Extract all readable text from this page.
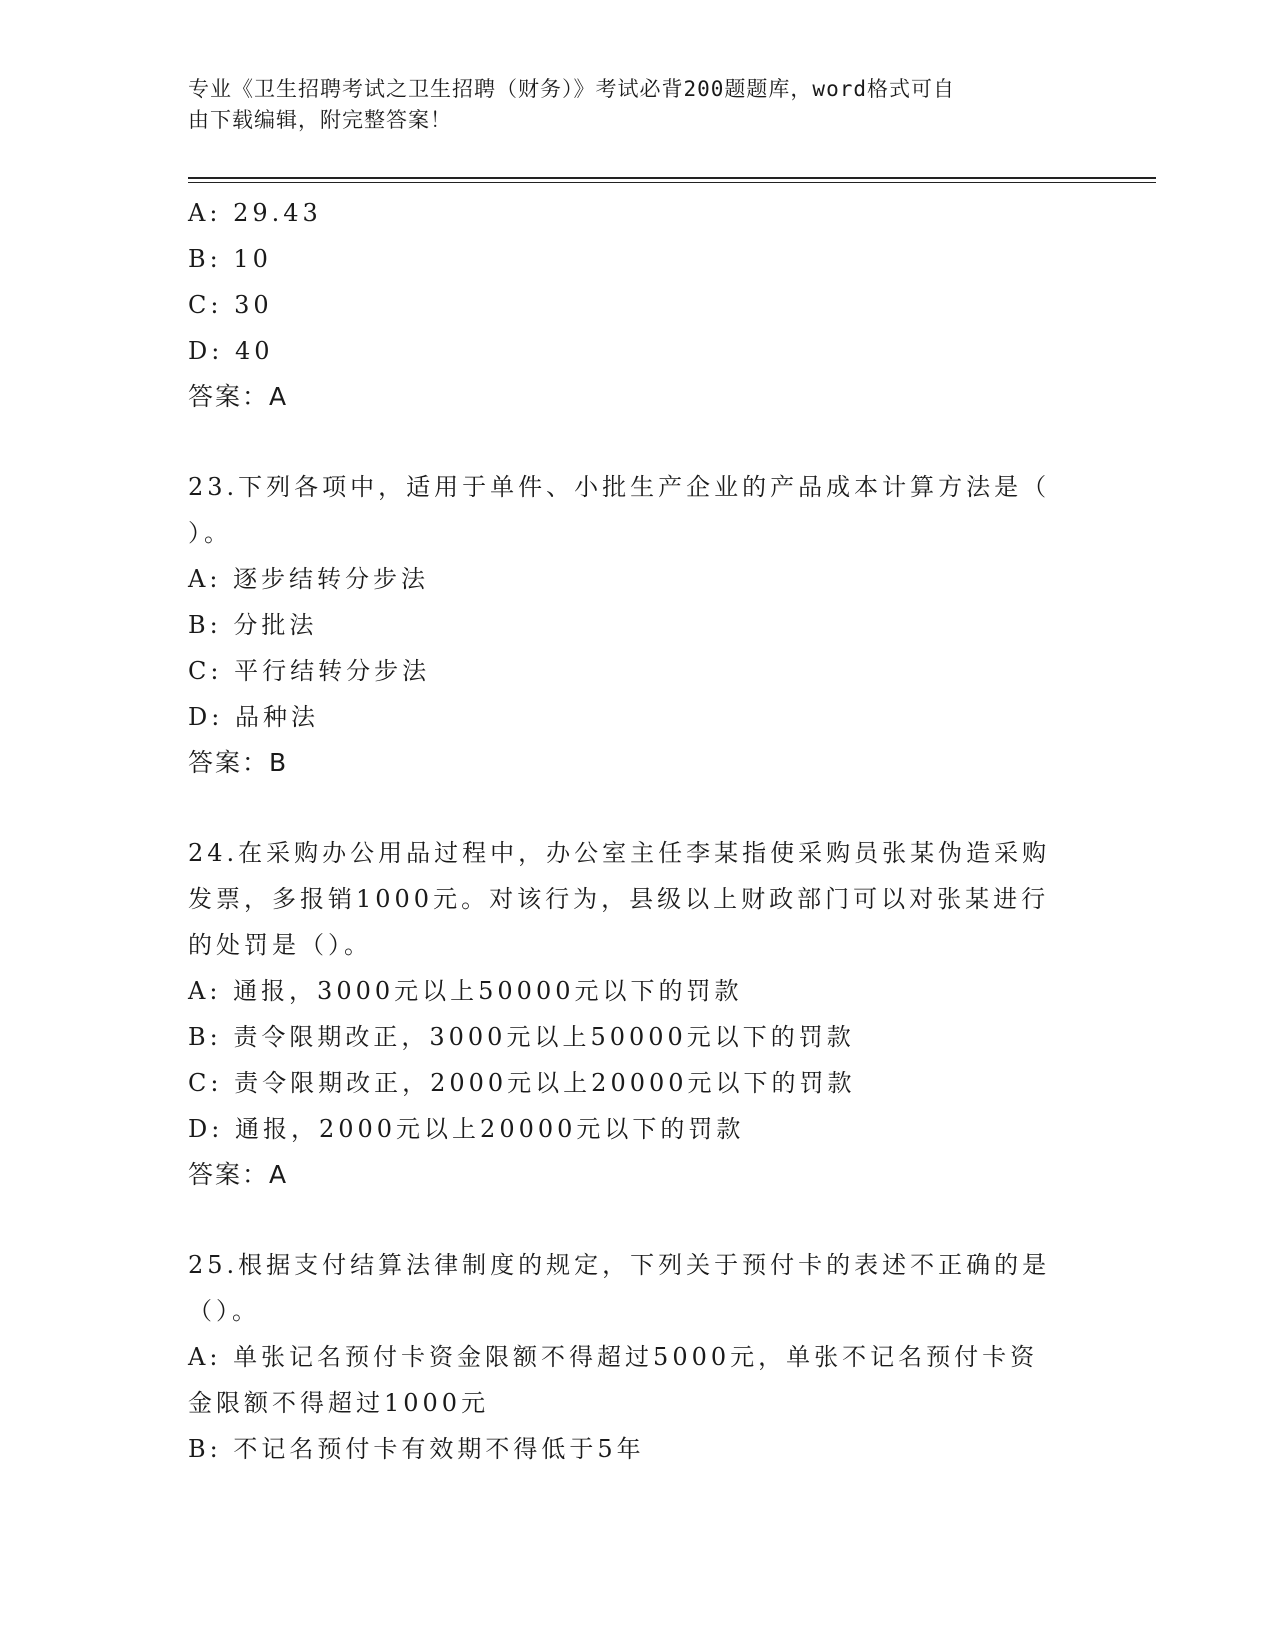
专业《卫生招聘考试之卫生招聘（财务）》考试必背200题题库，word格式可自
由下载编辑，附完整答案！
A: 29.43
B: 10
C: 30
D: 40
答案：A
23.下列各项中，适用于单件、小批生产企业的产品成本计算方法是（
）。
A: 逐步结转分步法
B: 分批法
C: 平行结转分步法
D: 品种法
答案：B
24.在采购办公用品过程中，办公室主任李某指使采购员张某伪造采购
发票，多报销1000元。对该行为，县级以上财政部门可以对张某进行
的处罚是（）。
A: 通报，3000元以上50000元以下的罚款
B: 责令限期改正，3000元以上50000元以下的罚款
C: 责令限期改正，2000元以上20000元以下的罚款
D: 通报，2000元以上20000元以下的罚款
答案：A
25.根据支付结算法律制度的规定，下列关于预付卡的表述不正确的是
（）。
A: 单张记名预付卡资金限额不得超过5000元，单张不记名预付卡资
金限额不得超过1000元
B: 不记名预付卡有效期不得低于5年
